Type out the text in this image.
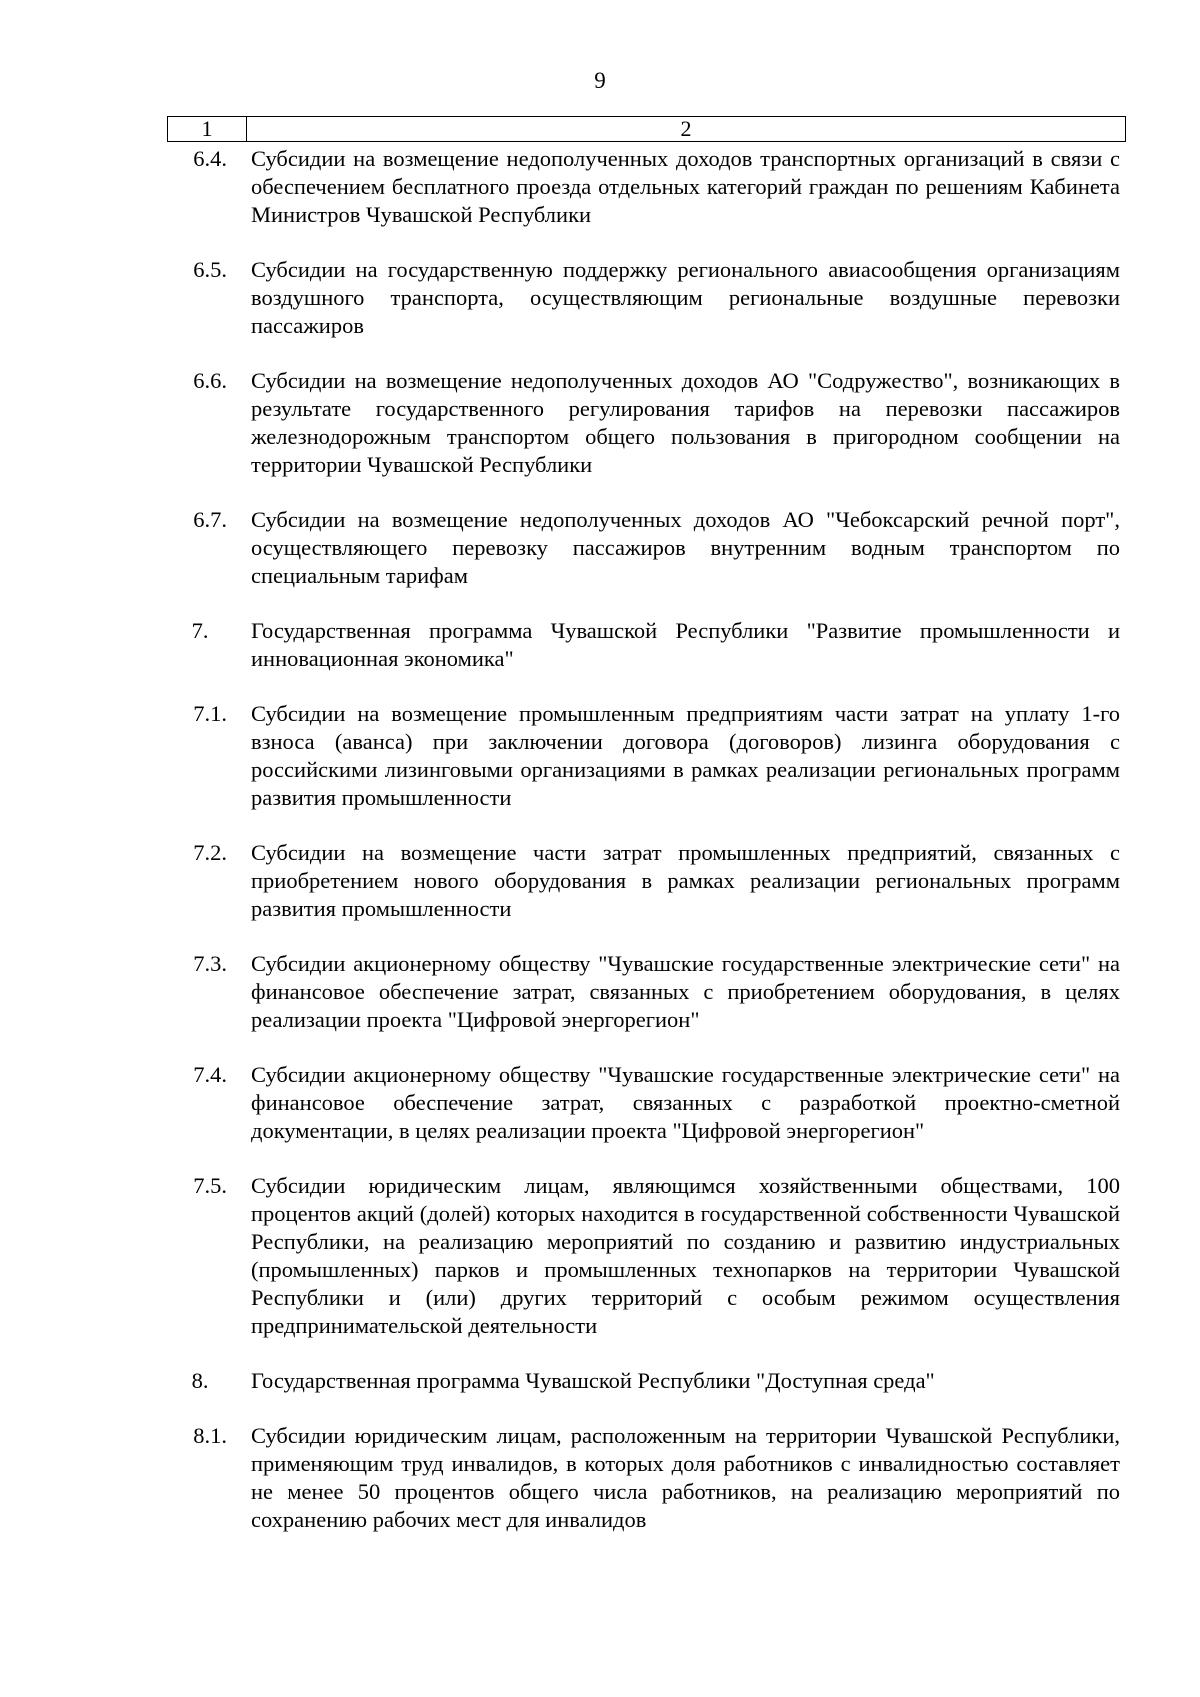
9
1	2
6.4. Субсидии на возмещение недополученных доходов транспортных организаций в связи с обеспечением бесплатного проезда отдельных категорий граждан по решениям Кабинета Министров Чувашской Республики
6.5. Субсидии на государственную поддержку регионального авиасообщения организациям воздушного транспорта, осуществляющим региональные воздушные перевозки пассажиров
6.6. Субсидии на возмещение недополученных доходов АО "Содружество", возникающих в результате государственного регулирования тарифов на перевозки пассажиров железнодорожным транспортом общего пользования в пригородном сообщении на территории Чувашской Республики
6.7. Субсидии на возмещение недополученных доходов АО "Чебоксарский речной порт", осуществляющего перевозку пассажиров внутренним водным транспортом по специальным тарифам
7.	Государственная программа Чувашской Республики "Развитие промышленности и инновационная экономика"
7.1. Субсидии на возмещение промышленным предприятиям части затрат на уплату 1-го взноса (аванса) при заключении договора (договоров) лизинга оборудования с российскими лизинговыми организациями в рамках реализации региональных программ развития промышленности
7.2. Субсидии на возмещение части затрат промышленных предприятий, связанных с приобретением нового оборудования в рамках реализации региональных программ развития промышленности
7.3. Субсидии акционерному обществу "Чувашские государственные электрические сети" на финансовое обеспечение затрат, связанных с приобретением оборудования, в целях реализации проекта "Цифровой энергорегион"
7.4. Субсидии акционерному обществу "Чувашские государственные электрические сети" на финансовое обеспечение затрат, связанных с разработкой проектно-сметной документации, в целях реализации проекта "Цифровой энергорегион"
7.5. Субсидии юридическим лицам, являющимся хозяйственными обществами, 100 процентов акций (долей) которых находится в государственной собственности Чувашской Республики, на реализацию мероприятий по созданию и развитию индустриальных (промышленных) парков и промышленных технопарков на территории Чувашской Республики и (или) других территорий с особым режимом осуществления предпринимательской деятельности
8.	Государственная программа Чувашской Республики "Доступная среда"
8.1. Субсидии юридическим лицам, расположенным на территории Чувашской Республики, применяющим труд инвалидов, в которых доля работников с инвалидностью составляет не менее 50 процентов общего числа работников, на реализацию мероприятий по сохранению рабочих мест для инвалидов
